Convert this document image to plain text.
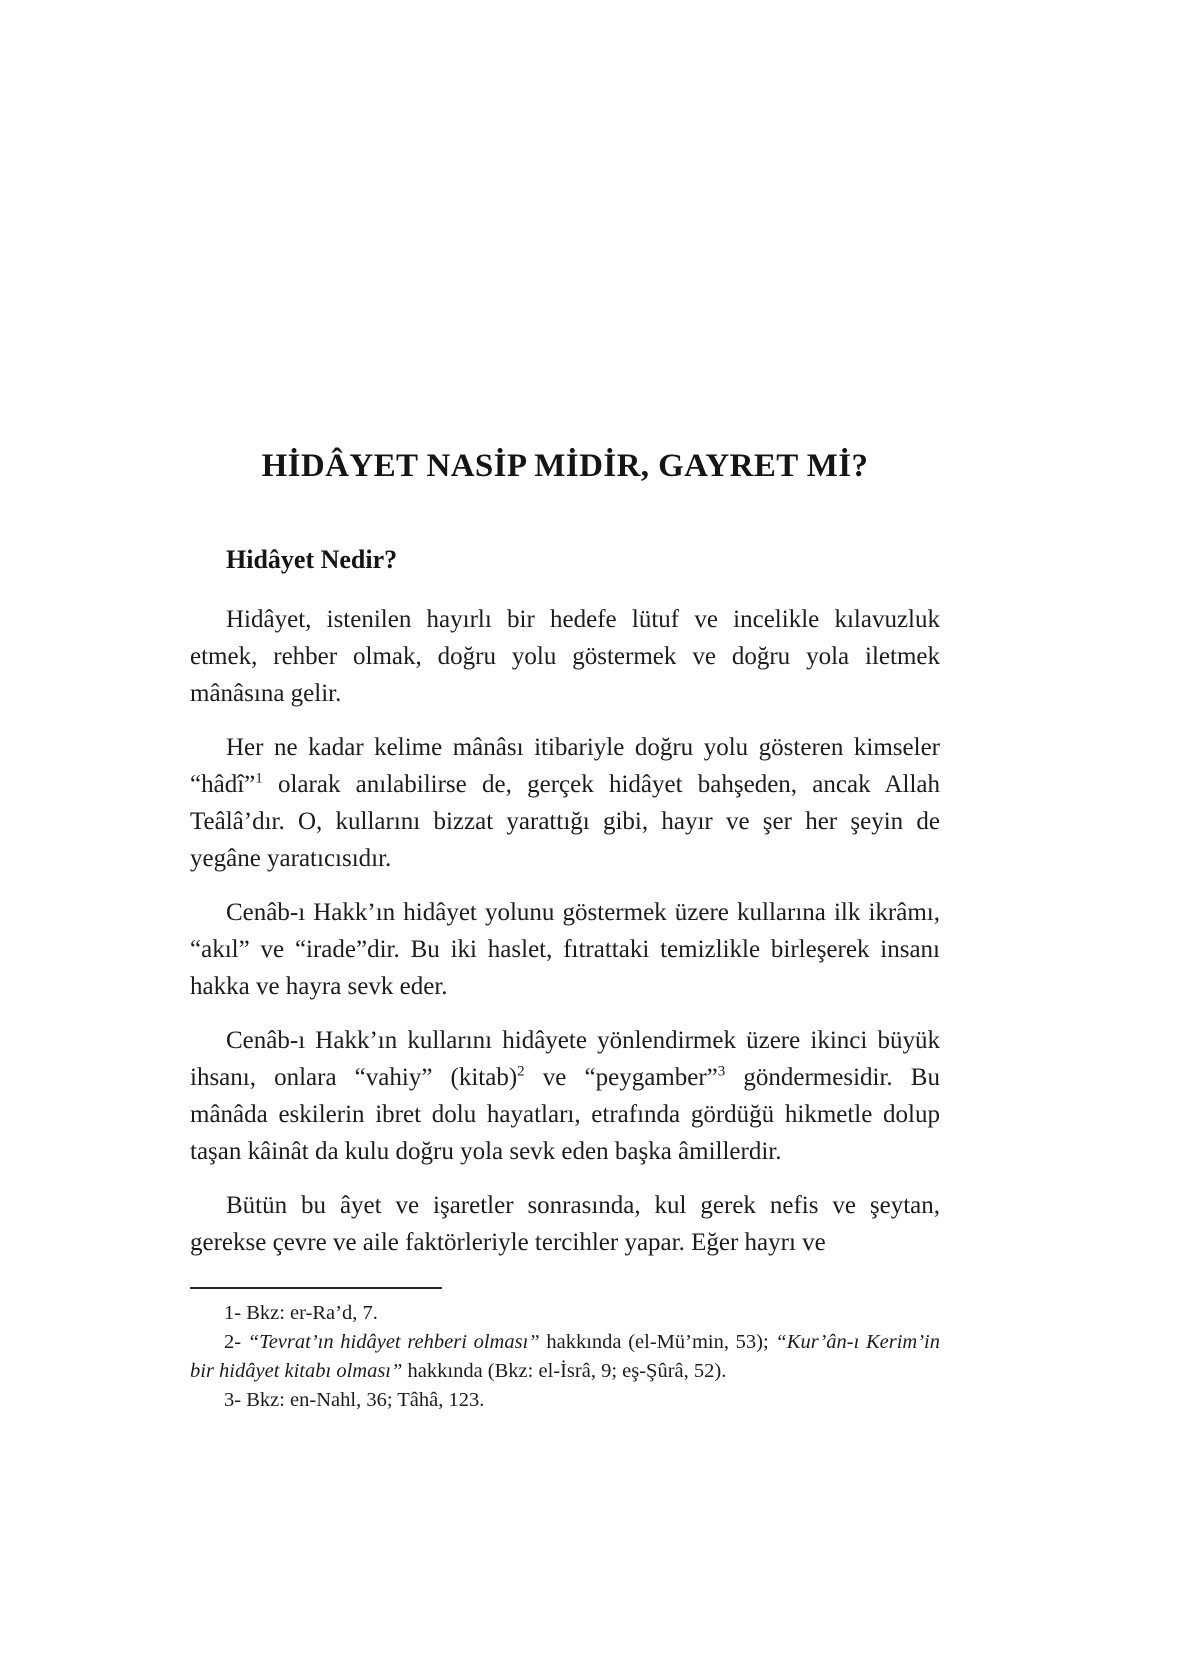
HİDÂYET NASİP MİDİR, GAYRET Mİ?
Hidâyet Nedir?

Hidâyet, istenilen hayırlı bir hedefe lütuf ve incelikle kılavuzluk etmek, rehber olmak, doğru yolu göstermek ve doğru yola iletmek mânâsına gelir.

Her ne kadar kelime mânâsı itibariyle doğru yolu gösteren kimseler “hâdî”$^1$ olarak anılabilirse de, gerçek hidâyet bahşeden, ancak Allah Teâlâ’dır. O, kullarını bizzat yarattığı gibi, hayır ve şer her şeyin de yegâne yaratıcısıdır.

Cenâb-ı Hakk’ın hidâyet yolunu göstermek üzere kullarına ilk ikrâmı, “akıl” ve “irade”dir. Bu iki haslet, fıtrattaki temizlikle birleşerek insanı hakka ve hayra sevk eder.

Cenâb-ı Hakk’ın kullarını hidâyete yönlendirmek üzere ikinci büyük ihsanı, onlara “vahiy” (kitab)$^2$ ve “peygamber”$^3$ göndermesidir. Bu mânâda eskilerin ibret dolu hayatları, etrafında gördüğü hikmetle dolup taşan kâinât da kulu doğru yola sevk eden başka âmillerdir.

Bütün bu âyet ve işaretler sonrasında, kul gerek nefis ve şeytan, gerekse çevre ve aile faktörleriyle tercihler yapar. Eğer hayrı ve

1- Bkz: er-Ra’d, 7.

2- “Tevrat’ın hidâyet rehberi olması” hakkında (el-Mü’min, 53); “Kur’ân-ı Kerim’in bir hidâyet kitabı olması” hakkında (Bkz: el-İsrâ, 9; eş-Şûrâ, 52).

3- Bkz: en-Nahl, 36; Tâhâ, 123.
